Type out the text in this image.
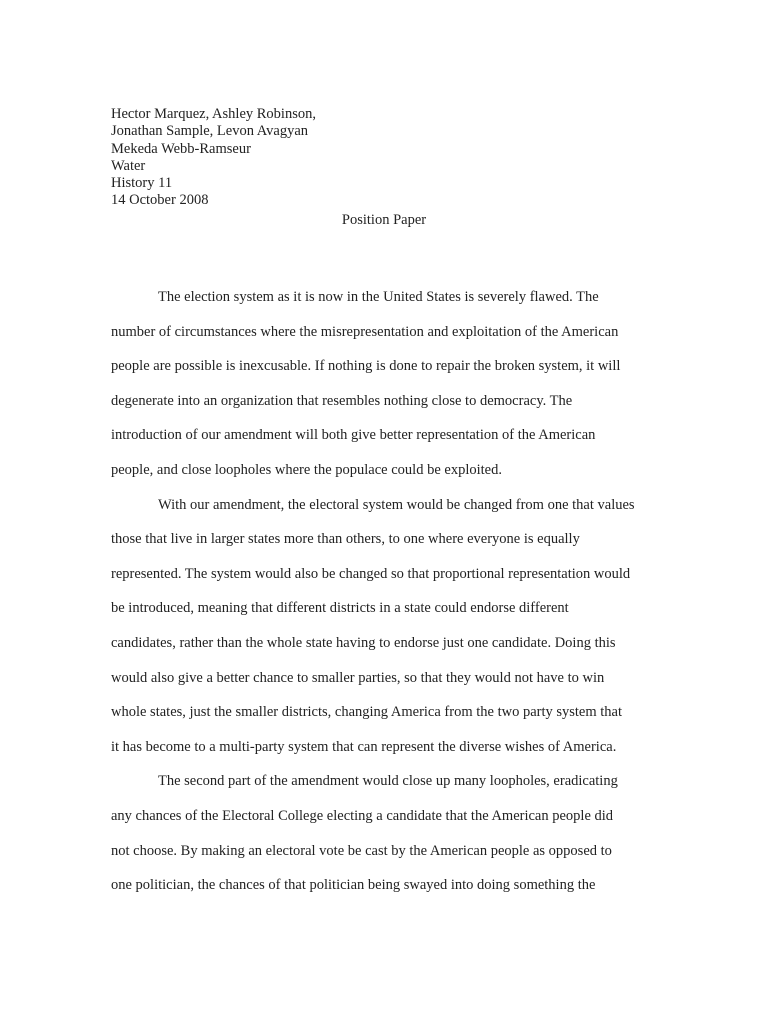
Hector Marquez, Ashley Robinson,
Jonathan Sample, Levon Avagyan
Mekeda Webb-Ramseur
Water
History 11
14 October 2008
Position Paper
The election system as it is now in the United States is severely flawed. The
number of circumstances where the misrepresentation and exploitation of the American
people are possible is inexcusable. If nothing is done to repair the broken system, it will
degenerate into an organization that resembles nothing close to democracy. The
introduction of our amendment will both give better representation of the American
people, and close loopholes where the populace could be exploited.
With our amendment, the electoral system would be changed from one that values
those that live in larger states more than others, to one where everyone is equally
represented. The system would also be changed so that proportional representation would
be introduced, meaning that different districts in a state could endorse different
candidates, rather than the whole state having to endorse just one candidate. Doing this
would also give a better chance to smaller parties, so that they would not have to win
whole states, just the smaller districts, changing America from the two party system that
it has become to a multi-party system that can represent the diverse wishes of America.
The second part of the amendment would close up many loopholes, eradicating
any chances of the Electoral College electing a candidate that the American people did
not choose. By making an electoral vote be cast by the American people as opposed to
one politician, the chances of that politician being swayed into doing something the
